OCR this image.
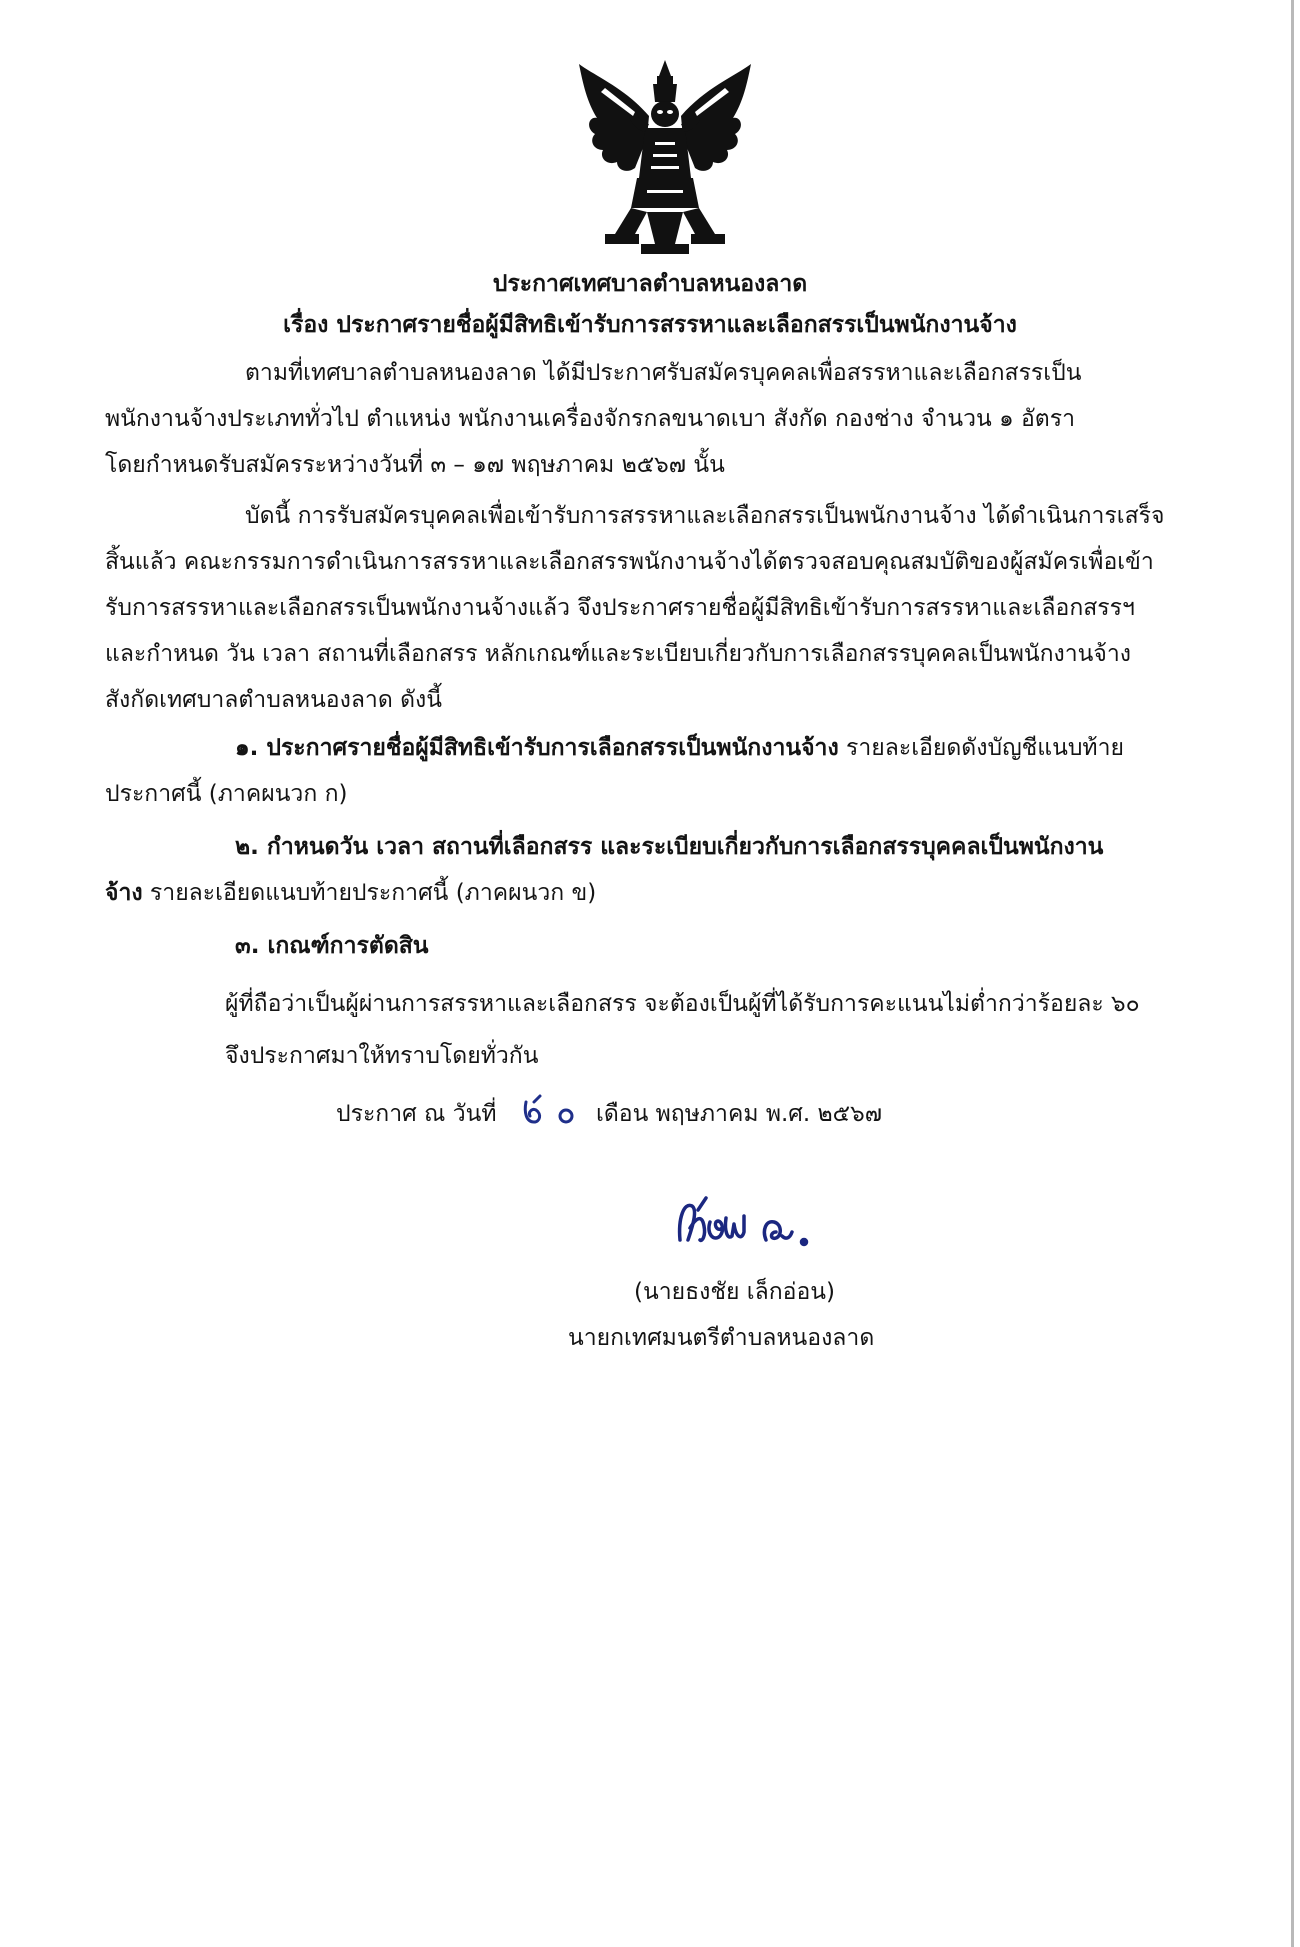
ประกาศเทศบาลตำบลหนองลาด
เรื่อง ประกาศรายชื่อผู้มีสิทธิเข้ารับการสรรหาและเลือกสรรเป็นพนักงานจ้าง
ตามที่เทศบาลตำบลหนองลาด ได้มีประกาศรับสมัครบุคคลเพื่อสรรหาและเลือกสรรเป็น
พนักงานจ้างประเภททั่วไป ตำแหน่ง พนักงานเครื่องจักรกลขนาดเบา สังกัด กองช่าง จำนวน ๑ อัตรา
โดยกำหนดรับสมัครระหว่างวันที่ ๓ – ๑๗ พฤษภาคม ๒๕๖๗ นั้น
บัดนี้ การรับสมัครบุคคลเพื่อเข้ารับการสรรหาและเลือกสรรเป็นพนักงานจ้าง ได้ดำเนินการเสร็จ
สิ้นแล้ว คณะกรรมการดำเนินการสรรหาและเลือกสรรพนักงานจ้างได้ตรวจสอบคุณสมบัติของผู้สมัครเพื่อเข้า
รับการสรรหาและเลือกสรรเป็นพนักงานจ้างแล้ว จึงประกาศรายชื่อผู้มีสิทธิเข้ารับการสรรหาและเลือกสรรฯ
และกำหนด วัน เวลา สถานที่เลือกสรร หลักเกณฑ์และระเบียบเกี่ยวกับการเลือกสรรบุคคลเป็นพนักงานจ้าง
สังกัดเทศบาลตำบลหนองลาด ดังนี้
๑. ประกาศรายชื่อผู้มีสิทธิเข้ารับการเลือกสรรเป็นพนักงานจ้าง รายละเอียดดังบัญชีแนบท้าย
ประกาศนี้ (ภาคผนวก ก)
๒. กำหนดวัน เวลา สถานที่เลือกสรร และระเบียบเกี่ยวกับการเลือกสรรบุคคลเป็นพนักงาน
จ้าง รายละเอียดแนบท้ายประกาศนี้ (ภาคผนวก ข)
๓. เกณฑ์การตัดสิน
ผู้ที่ถือว่าเป็นผู้ผ่านการสรรหาและเลือกสรร จะต้องเป็นผู้ที่ได้รับการคะแนนไม่ต่ำกว่าร้อยละ ๖๐
จึงประกาศมาให้ทราบโดยทั่วกัน
ประกาศ ณ วันที่	เดือน พฤษภาคม พ.ศ. ๒๕๖๗
(นายธงชัย เล็กอ่อน)
นายกเทศมนตรีตำบลหนองลาด
